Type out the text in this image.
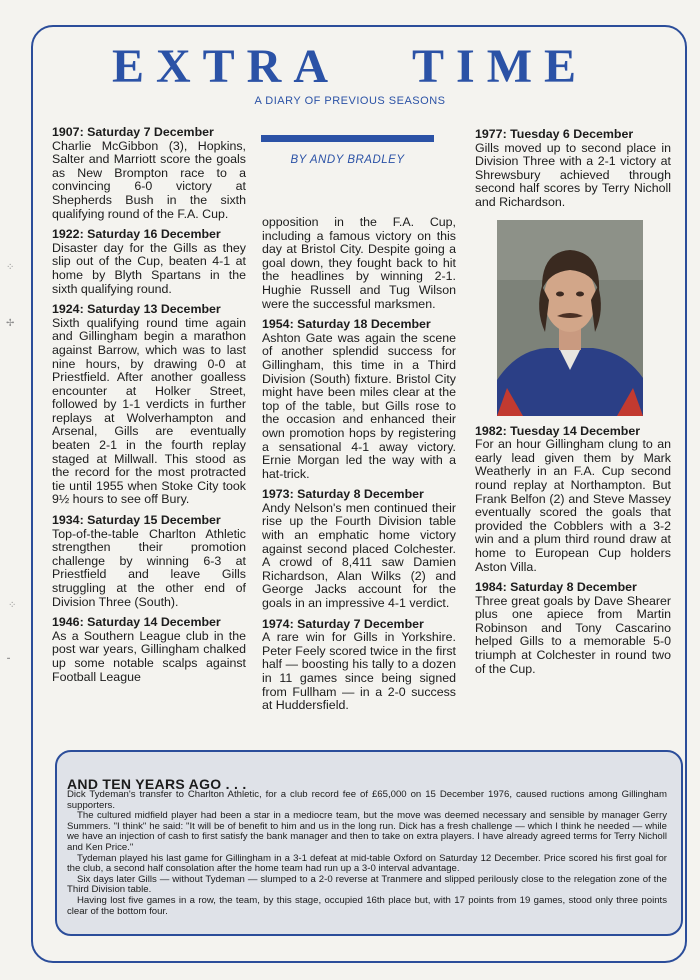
EXTRA TIME
A DIARY OF PREVIOUS SEASONS
BY ANDY BRADLEY

1907: Saturday 7 December
Charlie McGibbon (3), Hopkins, Salter and Marriott score the goals as New Brompton race to a convincing 6-0 victory at Shepherds Bush in the sixth qualifying round of the F.A. Cup.

1922: Saturday 16 December
Disaster day for the Gills as they slip out of the Cup, beaten 4-1 at home by Blyth Spartans in the sixth qualifying round.

1924: Saturday 13 December
Sixth qualifying round time again and Gillingham begin a marathon against Barrow, which was to last nine hours, by drawing 0-0 at Priestfield. After another goalless encounter at Holker Street, followed by 1-1 verdicts in further replays at Wolverhampton and Arsenal, Gills are eventually beaten 2-1 in the fourth replay staged at Millwall. This stood as the record for the most protracted tie until 1955 when Stoke City took 9½ hours to see off Bury.

1934: Saturday 15 December
Top-of-the-table Charlton Athletic strengthen their promotion challenge by winning 6-3 at Priestfield and leave Gills struggling at the other end of Division Three (South).

1946: Saturday 14 December
As a Southern League club in the post war years, Gillingham chalked up some notable scalps against Football League

opposition in the F.A. Cup, including a famous victory on this day at Bristol City. Despite going a goal down, they fought back to hit the headlines by winning 2-1. Hughie Russell and Tug Wilson were the successful marksmen.

1954: Saturday 18 December
Ashton Gate was again the scene of another splendid success for Gillingham, this time in a Third Division (South) fixture. Bristol City might have been miles clear at the top of the table, but Gills rose to the occasion and enhanced their own promotion hops by registering a sensational 4-1 away victory. Ernie Morgan led the way with a hat-trick.

1973: Saturday 8 December
Andy Nelson's men continued their rise up the Fourth Division table with an emphatic home victory against second placed Colchester. A crowd of 8,411 saw Damien Richardson, Alan Wilks (2) and George Jacks account for the goals in an impressive 4-1 verdict.

1974: Saturday 7 December
A rare win for Gills in Yorkshire. Peter Feely scored twice in the first half — boosting his tally to a dozen in 11 games since being signed from Fullham — in a 2-0 success at Huddersfield.

1977: Tuesday 6 December
Gills moved up to second place in Division Three with a 2-1 victory at Shrewsbury achieved through second half scores by Terry Nicholl and Richardson.

1982: Tuesday 14 December
For an hour Gillingham clung to an early lead given them by Mark Weatherly in an F.A. Cup second round replay at Northampton. But Frank Belfon (2) and Steve Massey eventually scored the goals that provided the Cobblers with a 3-2 win and a plum third round draw at home to European Cup holders Aston Villa.

1984: Saturday 8 December
Three great goals by Dave Shearer plus one apiece from Martin Robinson and Tony Cascarino helped Gills to a memorable 5-0 triumph at Colchester in round two of the Cup.

AND TEN YEARS AGO . . .

Dick Tydeman's transfer to Charlton Athletic, for a club record fee of £65,000 on 15 December 1976, caused ructions among Gillingham supporters.

The cultured midfield player had been a star in a mediocre team, but the move was deemed necessary and sensible by manager Gerry Summers. "I think" he said: "It will be of benefit to him and us in the long run. Dick has a fresh challenge — which I think he needed — while we have an injection of cash to first satisfy the bank manager and then to take on extra players. I have already agreed terms for Terry Nicholl and Ken Price."

Tydeman played his last game for Gillingham in a 3-1 defeat at mid-table Oxford on Saturday 12 December. Price scored his first goal for the club, a second half consolation after the home team had run up a 3-0 interval advantage.

Six days later Gills — without Tydeman — slumped to a 2-0 reverse at Tranmere and slipped perilously close to the relegation zone of the Third Division table.

Having lost five games in a row, the team, by this stage, occupied 16th place but, with 17 points from 19 games, stood only three points clear of the bottom four.

⁘
✢
⁘
⁃
